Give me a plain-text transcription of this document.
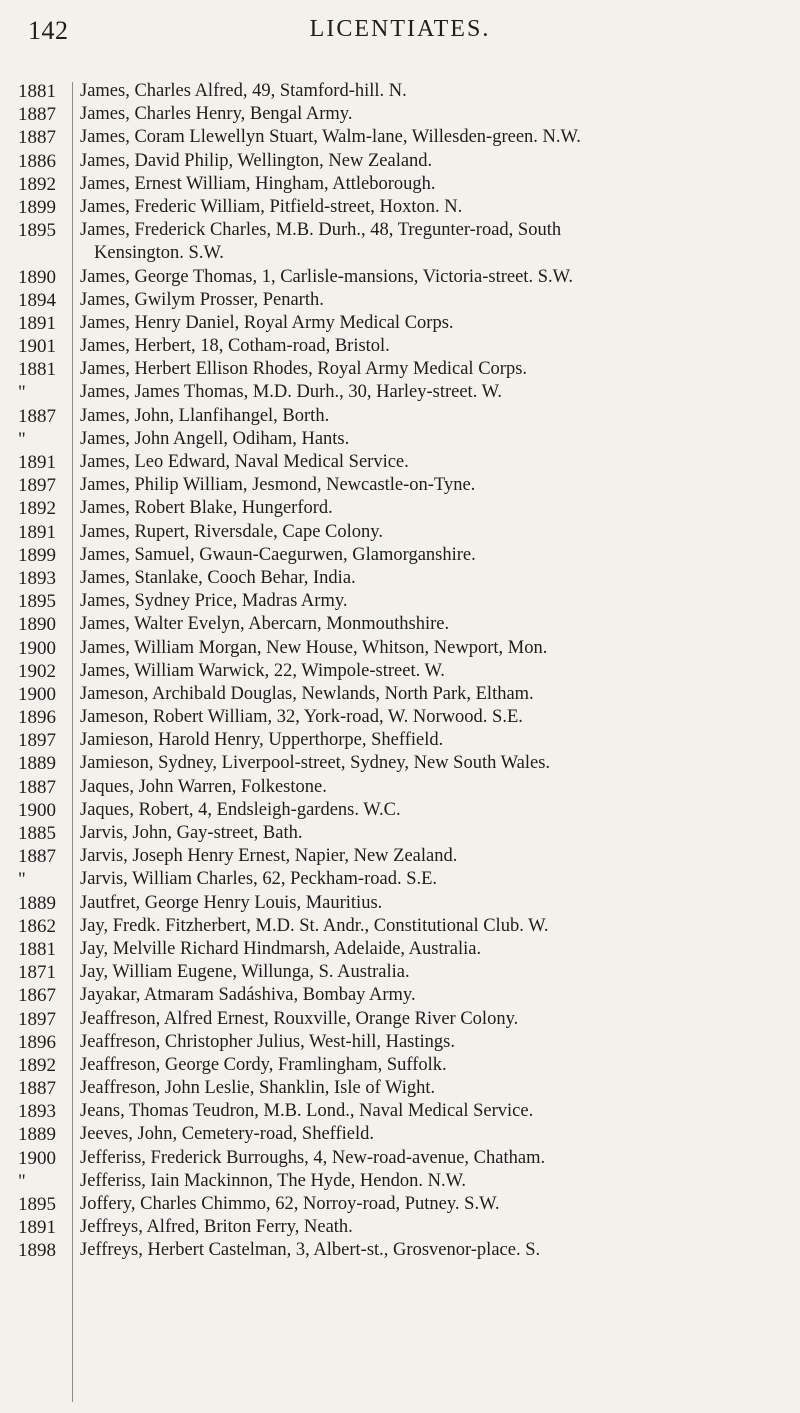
142	LICENTIATES.
1881	James, Charles Alfred, 49, Stamford-hill. N.
1887	James, Charles Henry, Bengal Army.
1887	James, Coram Llewellyn Stuart, Walm-lane, Willesden-green. N.W.
1886	James, David Philip, Wellington, New Zealand.
1892	James, Ernest William, Hingham, Attleborough.
1899	James, Frederic William, Pitfield-street, Hoxton. N.
1895	James, Frederick Charles, M.B. Durh., 48, Tregunter-road, South
Kensington. S.W.
1890	James, George Thomas, 1, Carlisle-mansions, Victoria-street. S.W.
1894	James, Gwilym Prosser, Penarth.
1891	James, Henry Daniel, Royal Army Medical Corps.
1901	James, Herbert, 18, Cotham-road, Bristol.
1881	James, Herbert Ellison Rhodes, Royal Army Medical Corps.
"	James, James Thomas, M.D. Durh., 30, Harley-street. W.
1887	James, John, Llanfihangel, Borth.
"	James, John Angell, Odiham, Hants.
1891	James, Leo Edward, Naval Medical Service.
1897	James, Philip William, Jesmond, Newcastle-on-Tyne.
1892	James, Robert Blake, Hungerford.
1891	James, Rupert, Riversdale, Cape Colony.
1899	James, Samuel, Gwaun-Caegurwen, Glamorganshire.
1893	James, Stanlake, Cooch Behar, India.
1895	James, Sydney Price, Madras Army.
1890	James, Walter Evelyn, Abercarn, Monmouthshire.
1900	James, William Morgan, New House, Whitson, Newport, Mon.
1902	James, William Warwick, 22, Wimpole-street. W.
1900	Jameson, Archibald Douglas, Newlands, North Park, Eltham.
1896	Jameson, Robert William, 32, York-road, W. Norwood. S.E.
1897	Jamieson, Harold Henry, Upperthorpe, Sheffield.
1889	Jamieson, Sydney, Liverpool-street, Sydney, New South Wales.
1887	Jaques, John Warren, Folkestone.
1900	Jaques, Robert, 4, Endsleigh-gardens. W.C.
1885	Jarvis, John, Gay-street, Bath.
1887	Jarvis, Joseph Henry Ernest, Napier, New Zealand.
"	Jarvis, William Charles, 62, Peckham-road. S.E.
1889	Jautfret, George Henry Louis, Mauritius.
1862	Jay, Fredk. Fitzherbert, M.D. St. Andr., Constitutional Club. W.
1881	Jay, Melville Richard Hindmarsh, Adelaide, Australia.
1871	Jay, William Eugene, Willunga, S. Australia.
1867	Jayakar, Atmaram Sadáshiva, Bombay Army.
1897	Jeaffreson, Alfred Ernest, Rouxville, Orange River Colony.
1896	Jeaffreson, Christopher Julius, West-hill, Hastings.
1892	Jeaffreson, George Cordy, Framlingham, Suffolk.
1887	Jeaffreson, John Leslie, Shanklin, Isle of Wight.
1893	Jeans, Thomas Teudron, M.B. Lond., Naval Medical Service.
1889	Jeeves, John, Cemetery-road, Sheffield.
1900	Jefferiss, Frederick Burroughs, 4, New-road-avenue, Chatham.
"	Jefferiss, Iain Mackinnon, The Hyde, Hendon. N.W.
1895	Joffery, Charles Chimmo, 62, Norroy-road, Putney. S.W.
1891	Jeffreys, Alfred, Briton Ferry, Neath.
1898	Jeffreys, Herbert Castelman, 3, Albert-st., Grosvenor-place. S.
